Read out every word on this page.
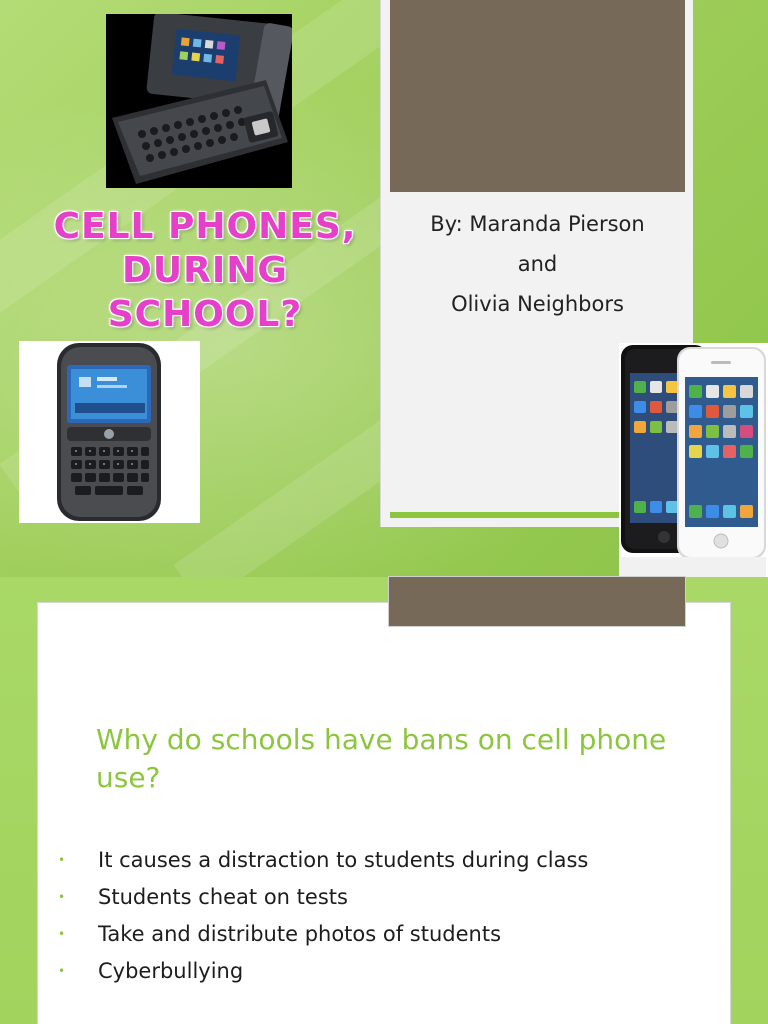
CELL PHONES,
DURING SCHOOL?
By: Maranda Pierson
and
Olivia Neighbors
Why do schools have bans on cell phone use?
• It causes a distraction to students during class
• Students cheat on tests
• Take and distribute photos of students
• Cyberbullying
